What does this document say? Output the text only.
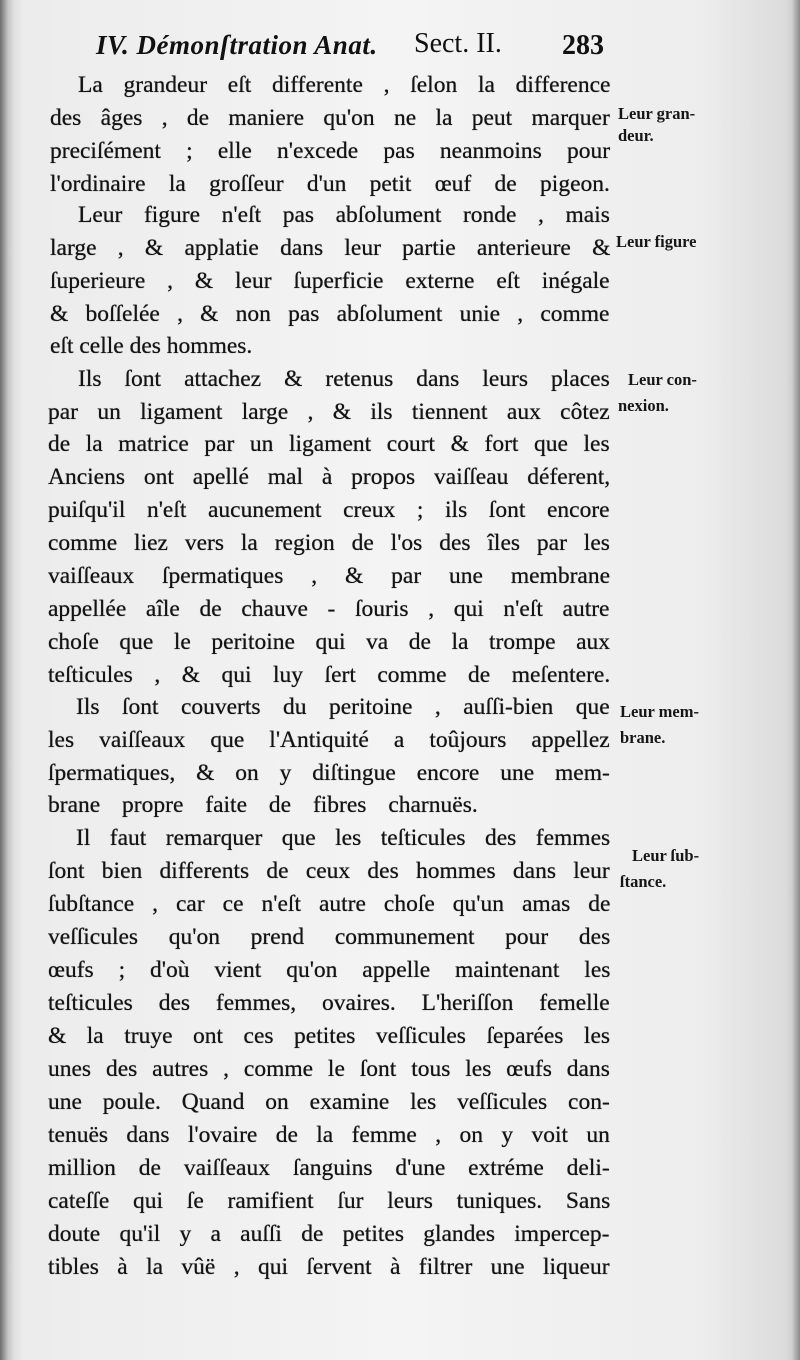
IV. Démonſtration Anat. Sect. II. 283
La grandeur eſt differente , ſelon la difference
des âges , de maniere qu'on ne la peut marquer
preciſément ; elle n'excede pas neanmoins pour
l'ordinaire la groſſeur d'un petit œuf de pigeon.
Leur figure n'eſt pas abſolument ronde , mais
large , & applatie dans leur partie anterieure &
ſuperieure , & leur ſuperficie externe eſt inégale
& boſſelée , & non pas abſolument unie , comme
eſt celle des hommes.
Ils ſont attachez & retenus dans leurs places
par un ligament large , & ils tiennent aux côtez
de la matrice par un ligament court & fort que les
Anciens ont apellé mal à propos vaiſſeau déferent,
puiſqu'il n'eſt aucunement creux ; ils ſont encore
comme liez vers la region de l'os des îles par les
vaiſſeaux ſpermatiques , & par une membrane
appellée aîle de chauve - ſouris , qui n'eſt autre
choſe que le peritoine qui va de la trompe aux
teſticules , & qui luy ſert comme de meſentere.
Ils ſont couverts du peritoine , auſſi-bien que
les vaiſſeaux que l'Antiquité a toûjours appellez
ſpermatiques, & on y diſtingue encore une mem-
brane propre faite de fibres charnuës.
Il faut remarquer que les teſticules des femmes
ſont bien differents de ceux des hommes dans leur
ſubſtance , car ce n'eſt autre choſe qu'un amas de
veſſicules qu'on prend communement pour des
œufs ; d'où vient qu'on appelle maintenant les
teſticules des femmes, ovaires. L'heriſſon femelle
& la truye ont ces petites veſſicules ſeparées les
unes des autres , comme le ſont tous les œufs dans
une poule. Quand on examine les veſſicules con-
tenuës dans l'ovaire de la femme , on y voit un
million de vaiſſeaux ſanguins d'une extréme deli-
cateſſe qui ſe ramifient ſur leurs tuniques. Sans
doute qu'il y a auſſi de petites glandes impercep-
tibles à la vûë , qui ſervent à filtrer une liqueur
Leur gran-
deur.
Leur figure
Leur con-
nexion.
Leur mem-
brane.
Leur ſub-
ſtance.
